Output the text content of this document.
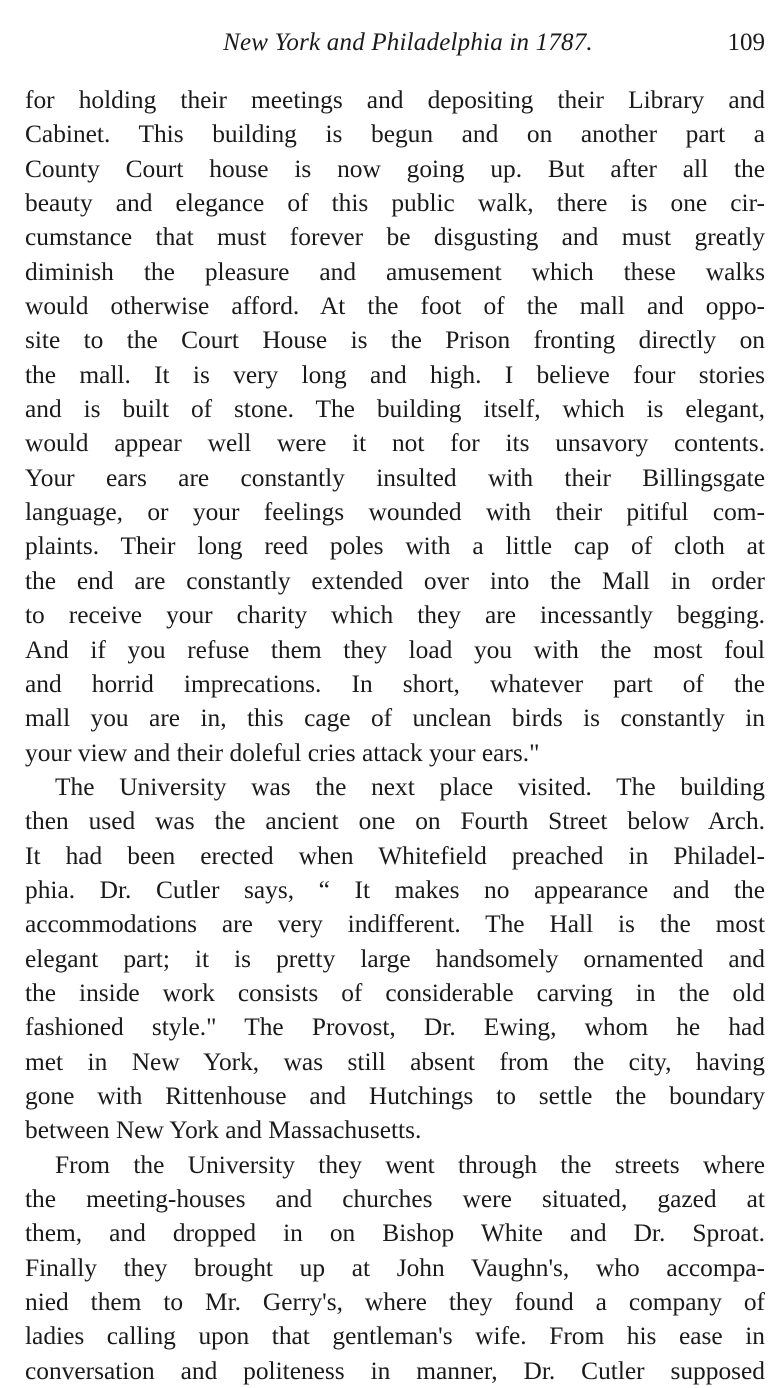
New York and Philadelphia in 1787.	109
for holding their meetings and depositing their Library and
Cabinet. This building is begun and on another part a
County Court house is now going up. But after all the
beauty and elegance of this public walk, there is one cir-
cumstance that must forever be disgusting and must greatly
diminish the pleasure and amusement which these walks
would otherwise afford. At the foot of the mall and oppo-
site to the Court House is the Prison fronting directly on
the mall. It is very long and high. I believe four stories
and is built of stone. The building itself, which is elegant,
would appear well were it not for its unsavory contents.
Your ears are constantly insulted with their Billingsgate
language, or your feelings wounded with their pitiful com-
plaints. Their long reed poles with a little cap of cloth at
the end are constantly extended over into the Mall in order
to receive your charity which they are incessantly begging.
And if you refuse them they load you with the most foul
and horrid imprecations. In short, whatever part of the
mall you are in, this cage of unclean birds is constantly in
your view and their doleful cries attack your ears."
The University was the next place visited. The building
then used was the ancient one on Fourth Street below Arch.
It had been erected when Whitefield preached in Philadel-
phia. Dr. Cutler says, “ It makes no appearance and the
accommodations are very indifferent. The Hall is the most
elegant part; it is pretty large handsomely ornamented and
the inside work consists of considerable carving in the old
fashioned style." The Provost, Dr. Ewing, whom he had
met in New York, was still absent from the city, having
gone with Rittenhouse and Hutchings to settle the boundary
between New York and Massachusetts.
From the University they went through the streets where
the meeting-houses and churches were situated, gazed at
them, and dropped in on Bishop White and Dr. Sproat.
Finally they brought up at John Vaughn's, who accompa-
nied them to Mr. Gerry's, where they found a company of
ladies calling upon that gentleman's wife. From his ease in
conversation and politeness in manner, Dr. Cutler supposed
